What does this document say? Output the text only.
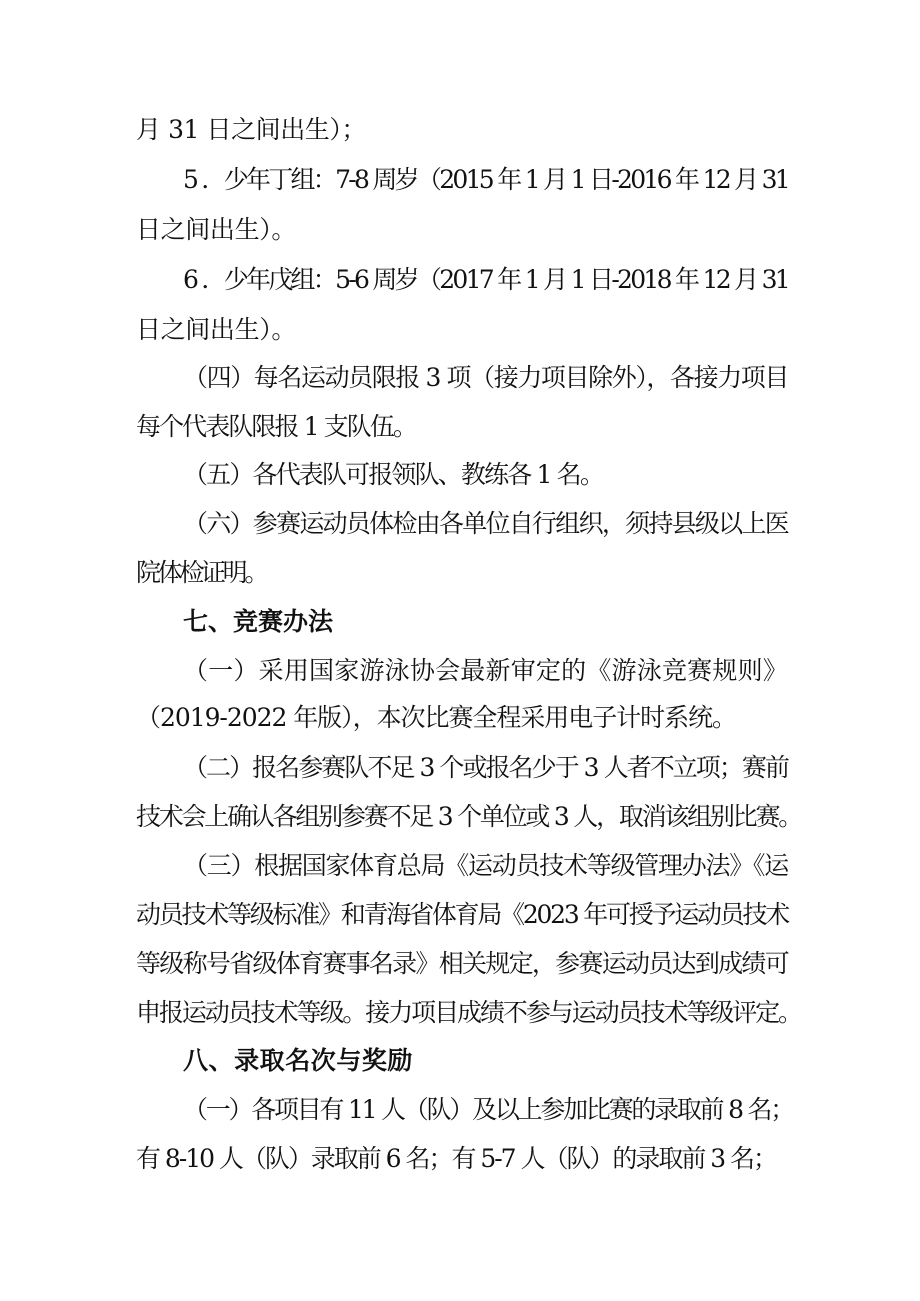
月 31 日之间出生）；
5 ．少年丁组：7-8 周岁（2015 年 1 月 1 日-2016 年 12 月 31
日之间出生）。
6 ．少年戊组：5-6 周岁（2017 年 1 月 1 日-2018 年 12 月 31
日之间出生）。
（四）每名运动员限报 3 项（接力项目除外），各接力项目
每个代表队限报 1 支队伍。
（五）各代表队可报领队、教练各 1 名。
（六）参赛运动员体检由各单位自行组织，须持县级以上医
院体检证明。
七、竞赛办法
（一）采用国家游泳协会最新审定的《游泳竞赛规则》
（2019-2022 年版），本次比赛全程采用电子计时系统。
（二）报名参赛队不足 3 个或报名少于 3 人者不立项；赛前
技术会上确认各组别参赛不足 3 个单位或 3 人，取消该组别比赛。
（三）根据国家体育总局《运动员技术等级管理办法》《运
动员技术等级标准》和青海省体育局《2023 年可授予运动员技术
等级称号省级体育赛事名录》相关规定，参赛运动员达到成绩可
申报运动员技术等级。接力项目成绩不参与运动员技术等级评定。
八、录取名次与奖励
（一）各项目有 11 人（队）及以上参加比赛的录取前 8 名；
有 8-10 人（队）录取前 6 名；有 5-7 人（队）的录取前 3 名；
